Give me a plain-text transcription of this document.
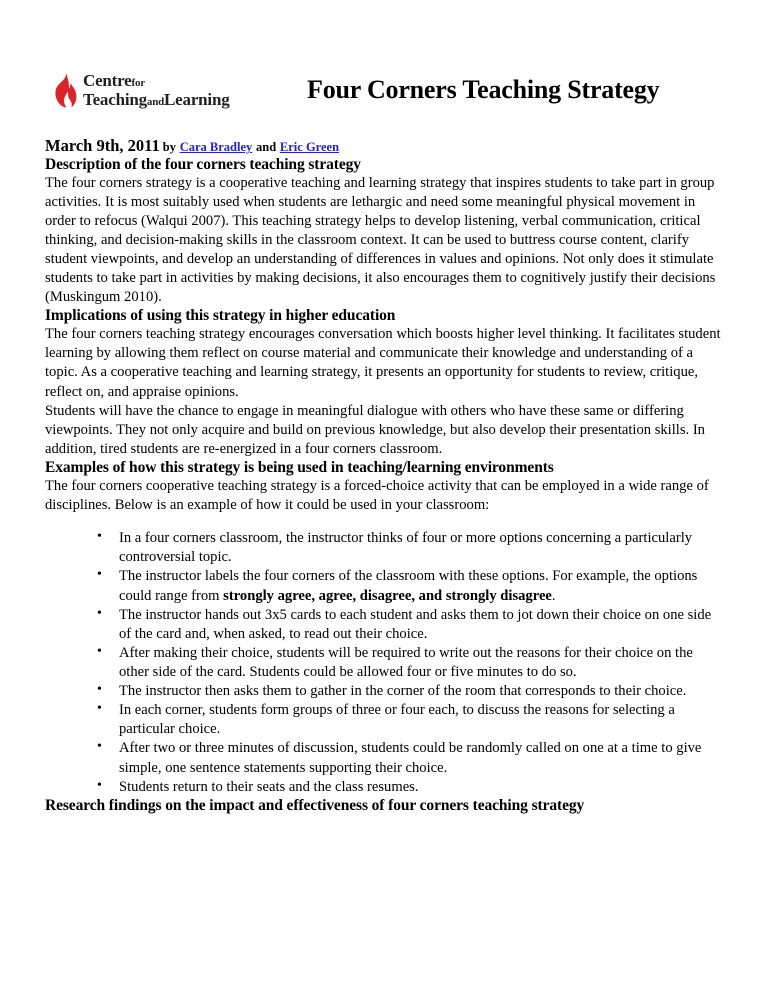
Centrefor
TeachingandLearning	Four Corners Teaching Strategy
March 9th, 2011 by Cara Bradley and Eric Green
Description of the four corners teaching strategy

The four corners strategy is a cooperative teaching and learning strategy that inspires students to take part in group activities. It is most suitably used when students are lethargic and need some meaningful physical movement in order to refocus (Walqui 2007). This teaching strategy helps to develop listening, verbal communication, critical thinking, and decision-making skills in the classroom context. It can be used to buttress course content, clarify student viewpoints, and develop an understanding of differences in values and opinions. Not only does it stimulate students to take part in activities by making decisions, it also encourages them to cognitively justify their decisions (Muskingum 2010).

Implications of using this strategy in higher education

The four corners teaching strategy encourages conversation which boosts higher level thinking. It facilitates student learning by allowing them reflect on course material and communicate their knowledge and understanding of a topic. As a cooperative teaching and learning strategy, it presents an opportunity for students to review, critique, reflect on, and appraise opinions.

Students will have the chance to engage in meaningful dialogue with others who have these same or differing viewpoints. They not only acquire and build on previous knowledge, but also develop their presentation skills. In addition, tired students are re-energized in a four corners classroom.

Examples of how this strategy is being used in teaching/learning environments

The four corners cooperative teaching strategy is a forced-choice activity that can be employed in a wide range of disciplines. Below is an example of how it could be used in your classroom:

• In a four corners classroom, the instructor thinks of four or more options concerning a particularly controversial topic.
• The instructor labels the four corners of the classroom with these options. For example, the options could range from strongly agree, agree, disagree, and strongly disagree.
• The instructor hands out 3x5 cards to each student and asks them to jot down their choice on one side of the card and, when asked, to read out their choice.
• After making their choice, students will be required to write out the reasons for their choice on the other side of the card. Students could be allowed four or five minutes to do so.
• The instructor then asks them to gather in the corner of the room that corresponds to their choice.
• In each corner, students form groups of three or four each, to discuss the reasons for selecting a particular choice.
• After two or three minutes of discussion, students could be randomly called on one at a time to give simple, one sentence statements supporting their choice.
• Students return to their seats and the class resumes.
Research findings on the impact and effectiveness of four corners teaching strategy
